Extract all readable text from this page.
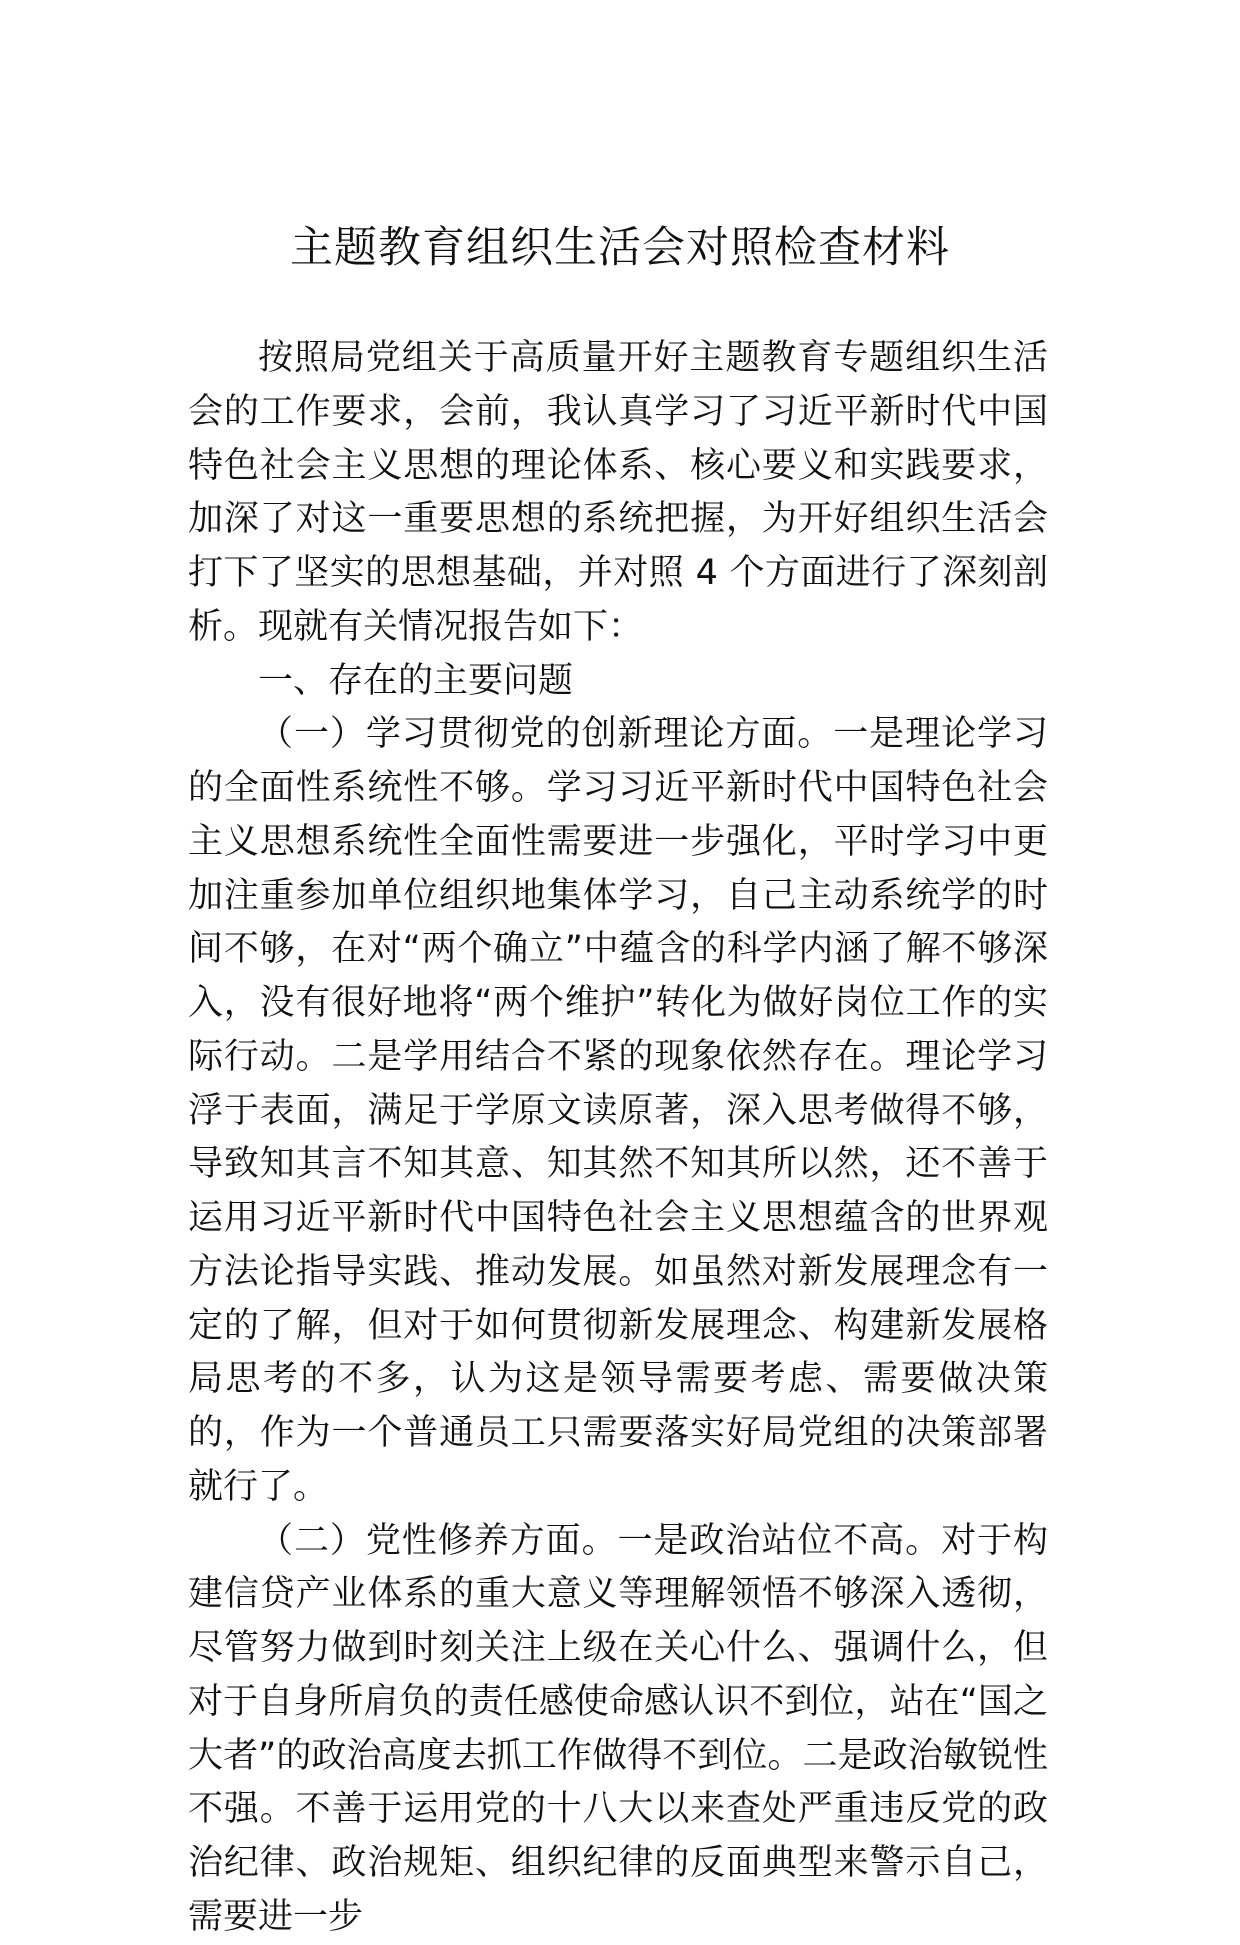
主题教育组织生活会对照检查材料

按照局党组关于高质量开好主题教育专题组织生活会的工作要求，会前，我认真学习了习近平新时代中国特色社会主义思想的理论体系、核心要义和实践要求，加深了对这一重要思想的系统把握，为开好组织生活会打下了坚实的思想基础，并对照 4 个方面进行了深刻剖析。现就有关情况报告如下：

一、存在的主要问题

（一）学习贯彻党的创新理论方面。一是理论学习的全面性系统性不够。学习习近平新时代中国特色社会主义思想系统性全面性需要进一步强化，平时学习中更加注重参加单位组织地集体学习，自己主动系统学的时间不够，在对“两个确立”中蕴含的科学内涵了解不够深入，没有很好地将“两个维护”转化为做好岗位工作的实际行动。二是学用结合不紧的现象依然存在。理论学习浮于表面，满足于学原文读原著，深入思考做得不够，导致知其言不知其意、知其然不知其所以然，还不善于运用习近平新时代中国特色社会主义思想蕴含的世界观方法论指导实践、推动发展。如虽然对新发展理念有一定的了解，但对于如何贯彻新发展理念、构建新发展格局思考的不多，认为这是领导需要考虑、需要做决策的，作为一个普通员工只需要落实好局党组的决策部署就行了。

（二）党性修养方面。一是政治站位不高。对于构建信贷产业体系的重大意义等理解领悟不够深入透彻，尽管努力做到时刻关注上级在关心什么、强调什么，但对于自身所肩负的责任感使命感认识不到位，站在“国之大者”的政治高度去抓工作做得不到位。二是政治敏锐性不强。不善于运用党的十八大以来查处严重违反党的政治纪律、政治规矩、组织纪律的反面典型来警示自己，需要进一步
